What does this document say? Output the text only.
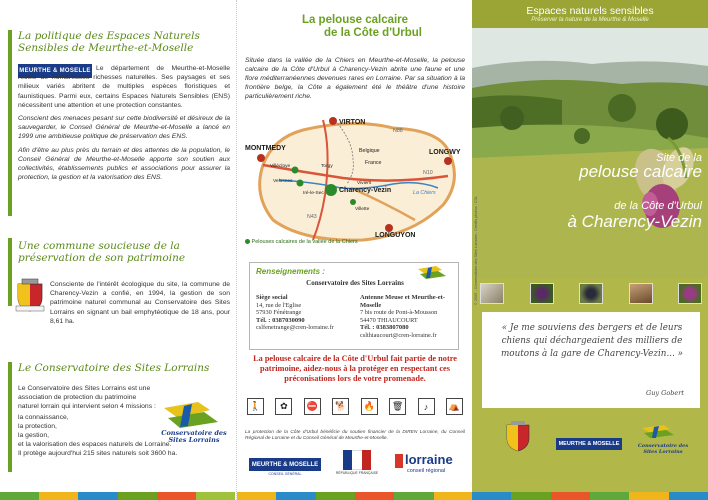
La politique des Espaces Naturels Sensibles de Meurthe-et-Moselle
MEURTHE & MOSELLE Le département de Meurthe-et-Moselle recèle de nombreuses richesses naturelles. Ses paysages et ses milieux variés abritent de multiples espèces floristiques et faunistiques. Parmi eux, certains Espaces Naturels Sensibles (ENS) nécessitent une attention et une protection constantes.

Conscient des menaces pesant sur cette biodiversité et désireux de la sauvegarder, le Conseil Général de Meurthe-et-Moselle a lancé en 1999 une ambitieuse politique de préservation des ENS.

Afin d'être au plus près du terrain et des attentes de la population, le Conseil Général de Meurthe-et-Moselle apporte son soutien aux collectivités, établissements publics et associations pour assurer la protection, la gestion et la valorisation des ENS.

Une commune soucieuse de la préservation de son patrimoine
Consciente de l'intérêt écologique du site, la commune de Charency-Vezin a confié, en 1994, la gestion de son patrimoine naturel communal au Conservatoire des Sites Lorrains en signant un bail emphytéotique de 18 ans, pour 8,61 ha.
Le Conservatoire des Sites Lorrains

Le Conservatoire des Sites Lorrains est une association de protection du patrimoine naturel lorrain qui intervient selon 4 missions :

la connaissance,
la protection,
la gestion,
et la valorisation des espaces naturels de Lorraine.
Il protège aujourd'hui 215 sites naturels soit 3600 ha.
Conservatoire des Sites Lorrains
La pelouse calcaire
de la Côte d'Urbul
Située dans la vallée de la Chiers en Meurthe-et-Moselle, la pelouse calcaire de la Côte d'Urbul à Charency-Vezin abrite une faune et une flore méditerranéennes devenues rares en Lorraine. Par sa situation à la frontière belge, la Côte a également été le théâtre d'une histoire particulièrement riche.
VIRTON
MONTMEDY
LONGWY
Charency-Vezin
LONGUYON
Belgique
France
Villécloye
Velosnes
Torgy
Viviers
La Chiers
Iré-le-Sec
Villette
N88
N10
N43
Pelouses calcaires de la vallée de la Chiers
Renseignements :
Conservatoire des Sites Lorrains
Siège social
14, rue de l'Eglise
57930 Fénétrange
Tél. : 0387030090
cslfenetrange@cren-lorraine.fr
Antenne Meuse et Meurthe-et-Moselle
7 bis route de Pont-à-Mousson
54470 THIAUCOURT
Tél. : 0383807080
cslthiaucourt@cren-lorraine.fr
La pelouse calcaire de la Côte d'Urbul fait partie de notre patrimoine, aidez-nous à la protéger en respectant ces préconisations lors de votre promenade.
🚶	✿	⛔	🐕	🔥	🗑	♪	⛺
La protection de la Côte d'Urbul bénéficie du soutien financier de la DIREN Lorraine, du Conseil Régional de Lorraine et du Conseil Général de Meurthe-et-Moselle.
MEURTHE & MOSELLE
CONSEIL GÉNÉRAL	RÉPUBLIQUE FRANÇAISE
lorraine
conseil régional
Espaces naturels sensibles
Préserver la nature de la Meurthe & Moselle
Site de la
pelouse calcaire
de la Côte d'Urbul
à Charency-Vezin
« Je me souviens des bergers et de leurs chiens qui déchargeaient des milliers de moutons à la gare de Charency-Vezin... »
Guy Gobert
MEURTHE & MOSELLE	Conservatoire des Sites Lorrains
© 2009 - Conservatoire des Sites Lorrains - Crédits photos : CSL
